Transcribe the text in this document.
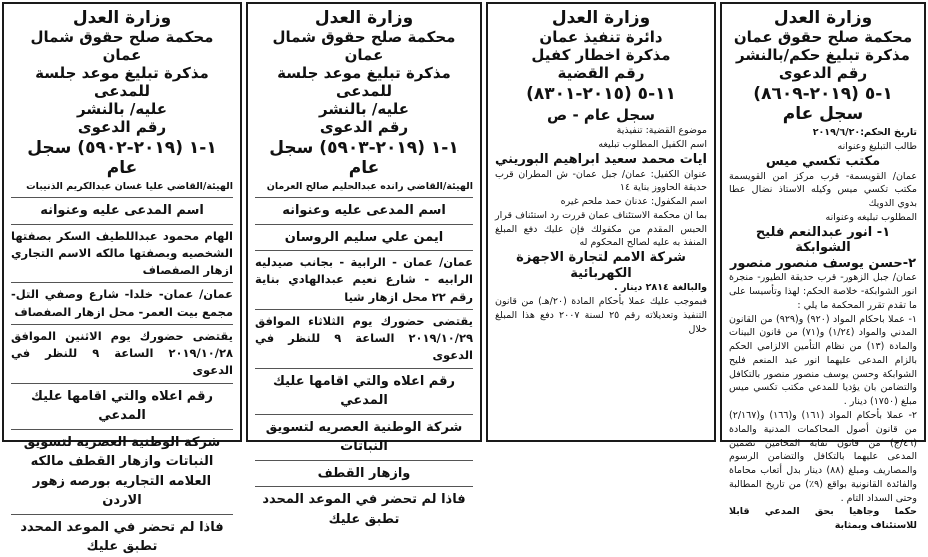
وزارة العدل

محكمة صلح حقوق عمان

مذكرة تبليغ حكم/بالنشر

رقم الدعوى

١-٥ (٢٠١٩-٨٦٠٩) سجل عام

تاريخ الحكم:٢٠١٩/٦/٢٠

طالب التبليغ وعنوانه

مكتب تكسي ميس

عمان/ القويسمة- قرب مركز امن القويسمة مكتب تكسي ميس وكيله الاستاذ نضال عطا بدوي الدويك

المطلوب تبليغه وعنوانه

١- انور عبدالنعم فليح الشوابكة

٢-حسن يوسف منصور منصور

عمان/ جبل الزهور- قرب حديقة الطيور- منجرة انور الشوابكة- خلاصة الحكم: لهذا وتأسيسا على ما تقدم تقرر المحكمة ما يلي :

١- عملا باحكام المواد (٩٢٠) و(٩٢٩) من القانون المدني والمواد (١/٢٤) و(٧١) من قانون البينات والمادة (١٣) من نظام التأمين الالزامي الحكم بالزام المدعى عليهما انور عبد المنعم فليح الشوابكة وحسن يوسف منصور منصور بالتكافل والتضامن بان يؤديا للمدعي مكتب تكسي ميس مبلغ (١٧٥٠) دينار .

٢- عملا بأحكام المواد (١٦١) و(١٦٦) و(٢/١٦٧) من قانون أصول المحاكمات المدنية والمادة (٤٦/ج) من قانون نقابة المحامين تضمين المدعى عليهما بالتكافل والتضامن الرسوم والمصاريف ومبلغ (٨٨) دينار بدل أتعاب محاماة والفائدة القانونية بواقع (٩٪) من تاريخ المطالبة وحتى السداد التام .

حكما وجاهيا بحق المدعي قابلا للاستئناف وبمثابة

وزارة العدل

دائرة تنفيذ عمان

مذكرة اخطار كفيل

رقم القضية

١١-٥ (٢٠١٥-٨٣٠١)

سجل عام - ص

موضوع القضية: تنفيذية

اسم الكفيل المطلوب تبليغه

ايات محمد سعيد ابراهيم البوريني

عنوان الكفيل: عمان/ جبل عمان- ش المطران قرب حديقة الحاووز بناية ١٤

اسم المكفول: عدنان حمد ملحم غيره

بما ان محكمة الاستئناف عمان قررت رد استئناف قرار الحبس المقدم من مكفولك فإن عليك دفع المبلغ المنفذ به عليه لصالح المحكوم له

شركة الامم لتجارة الاجهزة الكهربائية

والبالغة ٢٨١٤ دينار .

فبموجب عليك عملا بأحكام المادة (٢٠/هـ) من قانون التنفيذ وتعديلاته رقم ٢٥ لسنة ٢٠٠٧ دفع هذا المبلغ خلال

وزارة العدل

محكمة صلح حقوق شمال عمان

مذكرة تبليغ موعد جلسة للمدعى

عليه/ بالنشر

رقم الدعوى

١-١ (٢٠١٩-٥٩٠٣) سجل عام

الهيئة/القاضي رانده عبدالحليم صالح العرمان

اسم المدعى عليه وعنوانه

ايمن علي سليم الروسان

عمان/ عمان - الرابية - بجانب صيدليه الرابيه - شارع نعيم عبدالهادي بناية رقم ٢٢ محل ازهار شيا

يقتضى حضورك يوم الثلاثاء الموافق ٢٠١٩/١٠/٢٩ الساعة ٩ للنظر في الدعوى

رقم اعلاه والتي اقامها عليك المدعي

شركة الوطنية العصريه لتسويق النباتات

وازهار القطف

فاذا لم تحضر في الموعد المحدد تطبق عليك

وزارة العدل

محكمة صلح حقوق شمال عمان

مذكرة تبليغ موعد جلسة للمدعى

عليه/ بالنشر

رقم الدعوى

١-١ (٢٠١٩-٥٩٠٢) سجل عام

الهيئة/القاضي عليا غسان عبدالكريم الذنيبات

اسم المدعى عليه وعنوانه

الهام محمود عبداللطيف السكر بصفتها الشخصيه وبصفتها مالكه الاسم التجاري ازهار الصفصاف

عمان/ عمان- خلدا- شارع وصفي التل- مجمع بيت العمر- محل ازهار الصفصاف

يقتضى حضورك يوم الاثنين الموافق ٢٠١٩/١٠/٢٨ الساعة ٩ للنظر في الدعوى

رقم اعلاه والتي اقامها عليك المدعي

شركة الوطنية العصريه لتسويق النباتات وازهار القطف مالكه العلامه التجاريه بورصه زهور الاردن

فاذا لم تحضر في الموعد المحدد تطبق عليك
